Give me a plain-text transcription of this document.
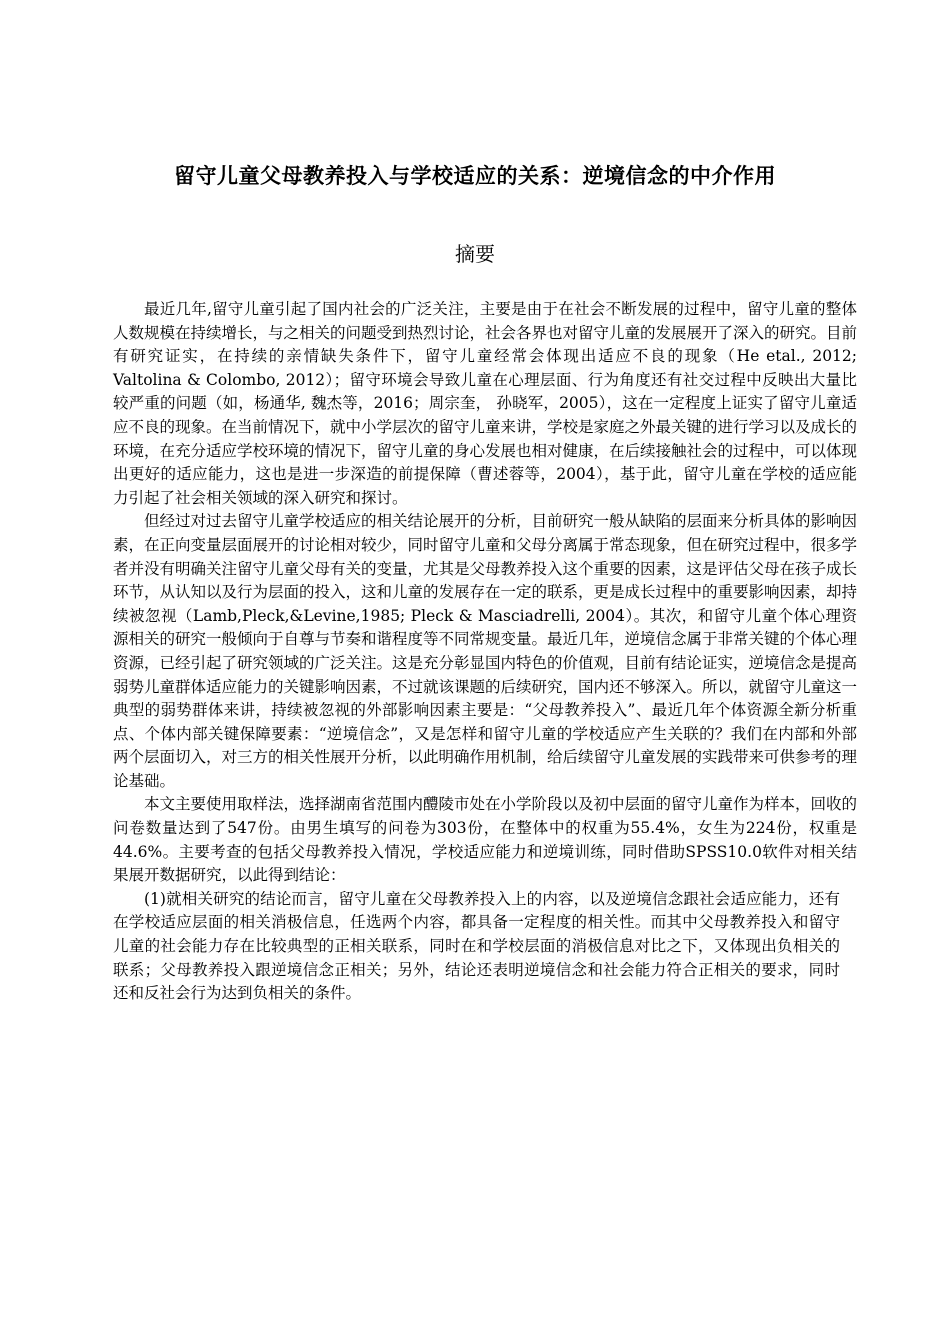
留守儿童父母教养投入与学校适应的关系：逆境信念的中介作用
摘要

最近几年,留守儿童引起了国内社会的广泛关注，主要是由于在社会不断发展的过程中，留守儿童的整体人数规模在持续增长，与之相关的问题受到热烈讨论，社会各界也对留守儿童的发展展开了深入的研究。目前有研究证实，在持续的亲情缺失条件下，留守儿童经常会体现出适应不良的现象（He etal., 2012; Valtolina & Colombo, 2012）；留守环境会导致儿童在心理层面、行为角度还有社交过程中反映出大量比较严重的问题（如，杨通华, 魏杰等，2016；周宗奎， 孙晓军，2005），这在一定程度上证实了留守儿童适应不良的现象。在当前情况下，就中小学层次的留守儿童来讲，学校是家庭之外最关键的进行学习以及成长的环境，在充分适应学校环境的情况下，留守儿童的身心发展也相对健康，在后续接触社会的过程中，可以体现出更好的适应能力，这也是进一步深造的前提保障（曹述蓉等，2004），基于此，留守儿童在学校的适应能力引起了社会相关领域的深入研究和探讨。

但经过对过去留守儿童学校适应的相关结论展开的分析，目前研究一般从缺陷的层面来分析具体的影响因素，在正向变量层面展开的讨论相对较少，同时留守儿童和父母分离属于常态现象，但在研究过程中，很多学者并没有明确关注留守儿童父母有关的变量，尤其是父母教养投入这个重要的因素，这是评估父母在孩子成长环节，从认知以及行为层面的投入，这和儿童的发展存在一定的联系，更是成长过程中的重要影响因素，却持续被忽视（Lamb,Pleck,&Levine,1985; Pleck & Masciadrelli, 2004）。其次，和留守儿童个体心理资源相关的研究一般倾向于自尊与节奏和谐程度等不同常规变量。最近几年，逆境信念属于非常关键的个体心理资源，已经引起了研究领域的广泛关注。这是充分彰显国内特色的价值观，目前有结论证实，逆境信念是提高弱势儿童群体适应能力的关键影响因素，不过就该课题的后续研究，国内还不够深入。所以，就留守儿童这一典型的弱势群体来讲，持续被忽视的外部影响因素主要是：“父母教养投入”、最近几年个体资源全新分析重点、个体内部关键保障要素：“逆境信念”，又是怎样和留守儿童的学校适应产生关联的？我们在内部和外部两个层面切入，对三方的相关性展开分析，以此明确作用机制，给后续留守儿童发展的实践带来可供参考的理论基础。

本文主要使用取样法，选择湖南省范围内醴陵市处在小学阶段以及初中层面的留守儿童作为样本，回收的问卷数量达到了547份。由男生填写的问卷为303份，在整体中的权重为55.4%，女生为224份，权重是44.6%。主要考查的包括父母教养投入情况，学校适应能力和逆境训练，同时借助SPSS10.0软件对相关结果展开数据研究，以此得到结论：

(1)就相关研究的结论而言，留守儿童在父母教养投入上的内容，以及逆境信念跟社会适应能力，还有在学校适应层面的相关消极信息，任选两个内容，都具备一定程度的相关性。而其中父母教养投入和留守儿童的社会能力存在比较典型的正相关联系，同时在和学校层面的消极信息对比之下，又体现出负相关的联系；父母教养投入跟逆境信念正相关；另外，结论还表明逆境信念和社会能力符合正相关的要求，同时还和反社会行为达到负相关的条件。
